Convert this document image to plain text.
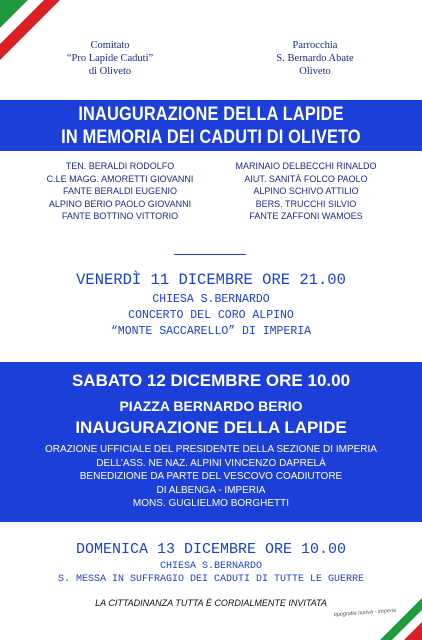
Comitato
“Pro Lapide Caduti”
di Oliveto
Parrocchia
S. Bernardo Abate
Oliveto
INAUGURAZIONE DELLA LAPIDE
IN MEMORIA DEI CADUTI DI OLIVETO
TEN. BERALDI RODOLFO
C.LE MAGG. AMORETTI GIOVANNI
FANTE BERALDI EUGENIO
ALPINO BERIO PAOLO GIOVANNI
FANTE BOTTINO VITTORIO
MARINAIO DELBECCHI RINALDO
AIUT. SANITÀ FOLCO PAOLO
ALPINO SCHIVO ATTILIO
BERS. TRUCCHI SILVIO
FANTE ZAFFONI WAMOES
VENERDÌ 11 DICEMBRE ORE 21.00
CHIESA S.BERNARDO
CONCERTO DEL CORO ALPINO
“MONTE SACCARELLO” DI IMPERIA
SABATO 12 DICEMBRE ORE 10.00
PIAZZA BERNARDO BERIO
INAUGURAZIONE DELLA LAPIDE
ORAZIONE UFFICIALE DEL PRESIDENTE DELLA SEZIONE DI IMPERIA
DELL’ASS. NE NAZ. ALPINI VINCENZO DAPRELÀ
BENEDIZIONE DA PARTE DEL VESCOVO COADIUTORE
DI ALBENGA - IMPERIA
MONS. GUGLIELMO BORGHETTI
DOMENICA 13 DICEMBRE ORE 10.00
CHIESA S.BERNARDO
S. MESSA IN SUFFRAGIO DEI CADUTI DI TUTTE LE GUERRE
LA CITTADINANZA TUTTA È CORDIALMENTE INVITATA
tipografia nuova - imperia
